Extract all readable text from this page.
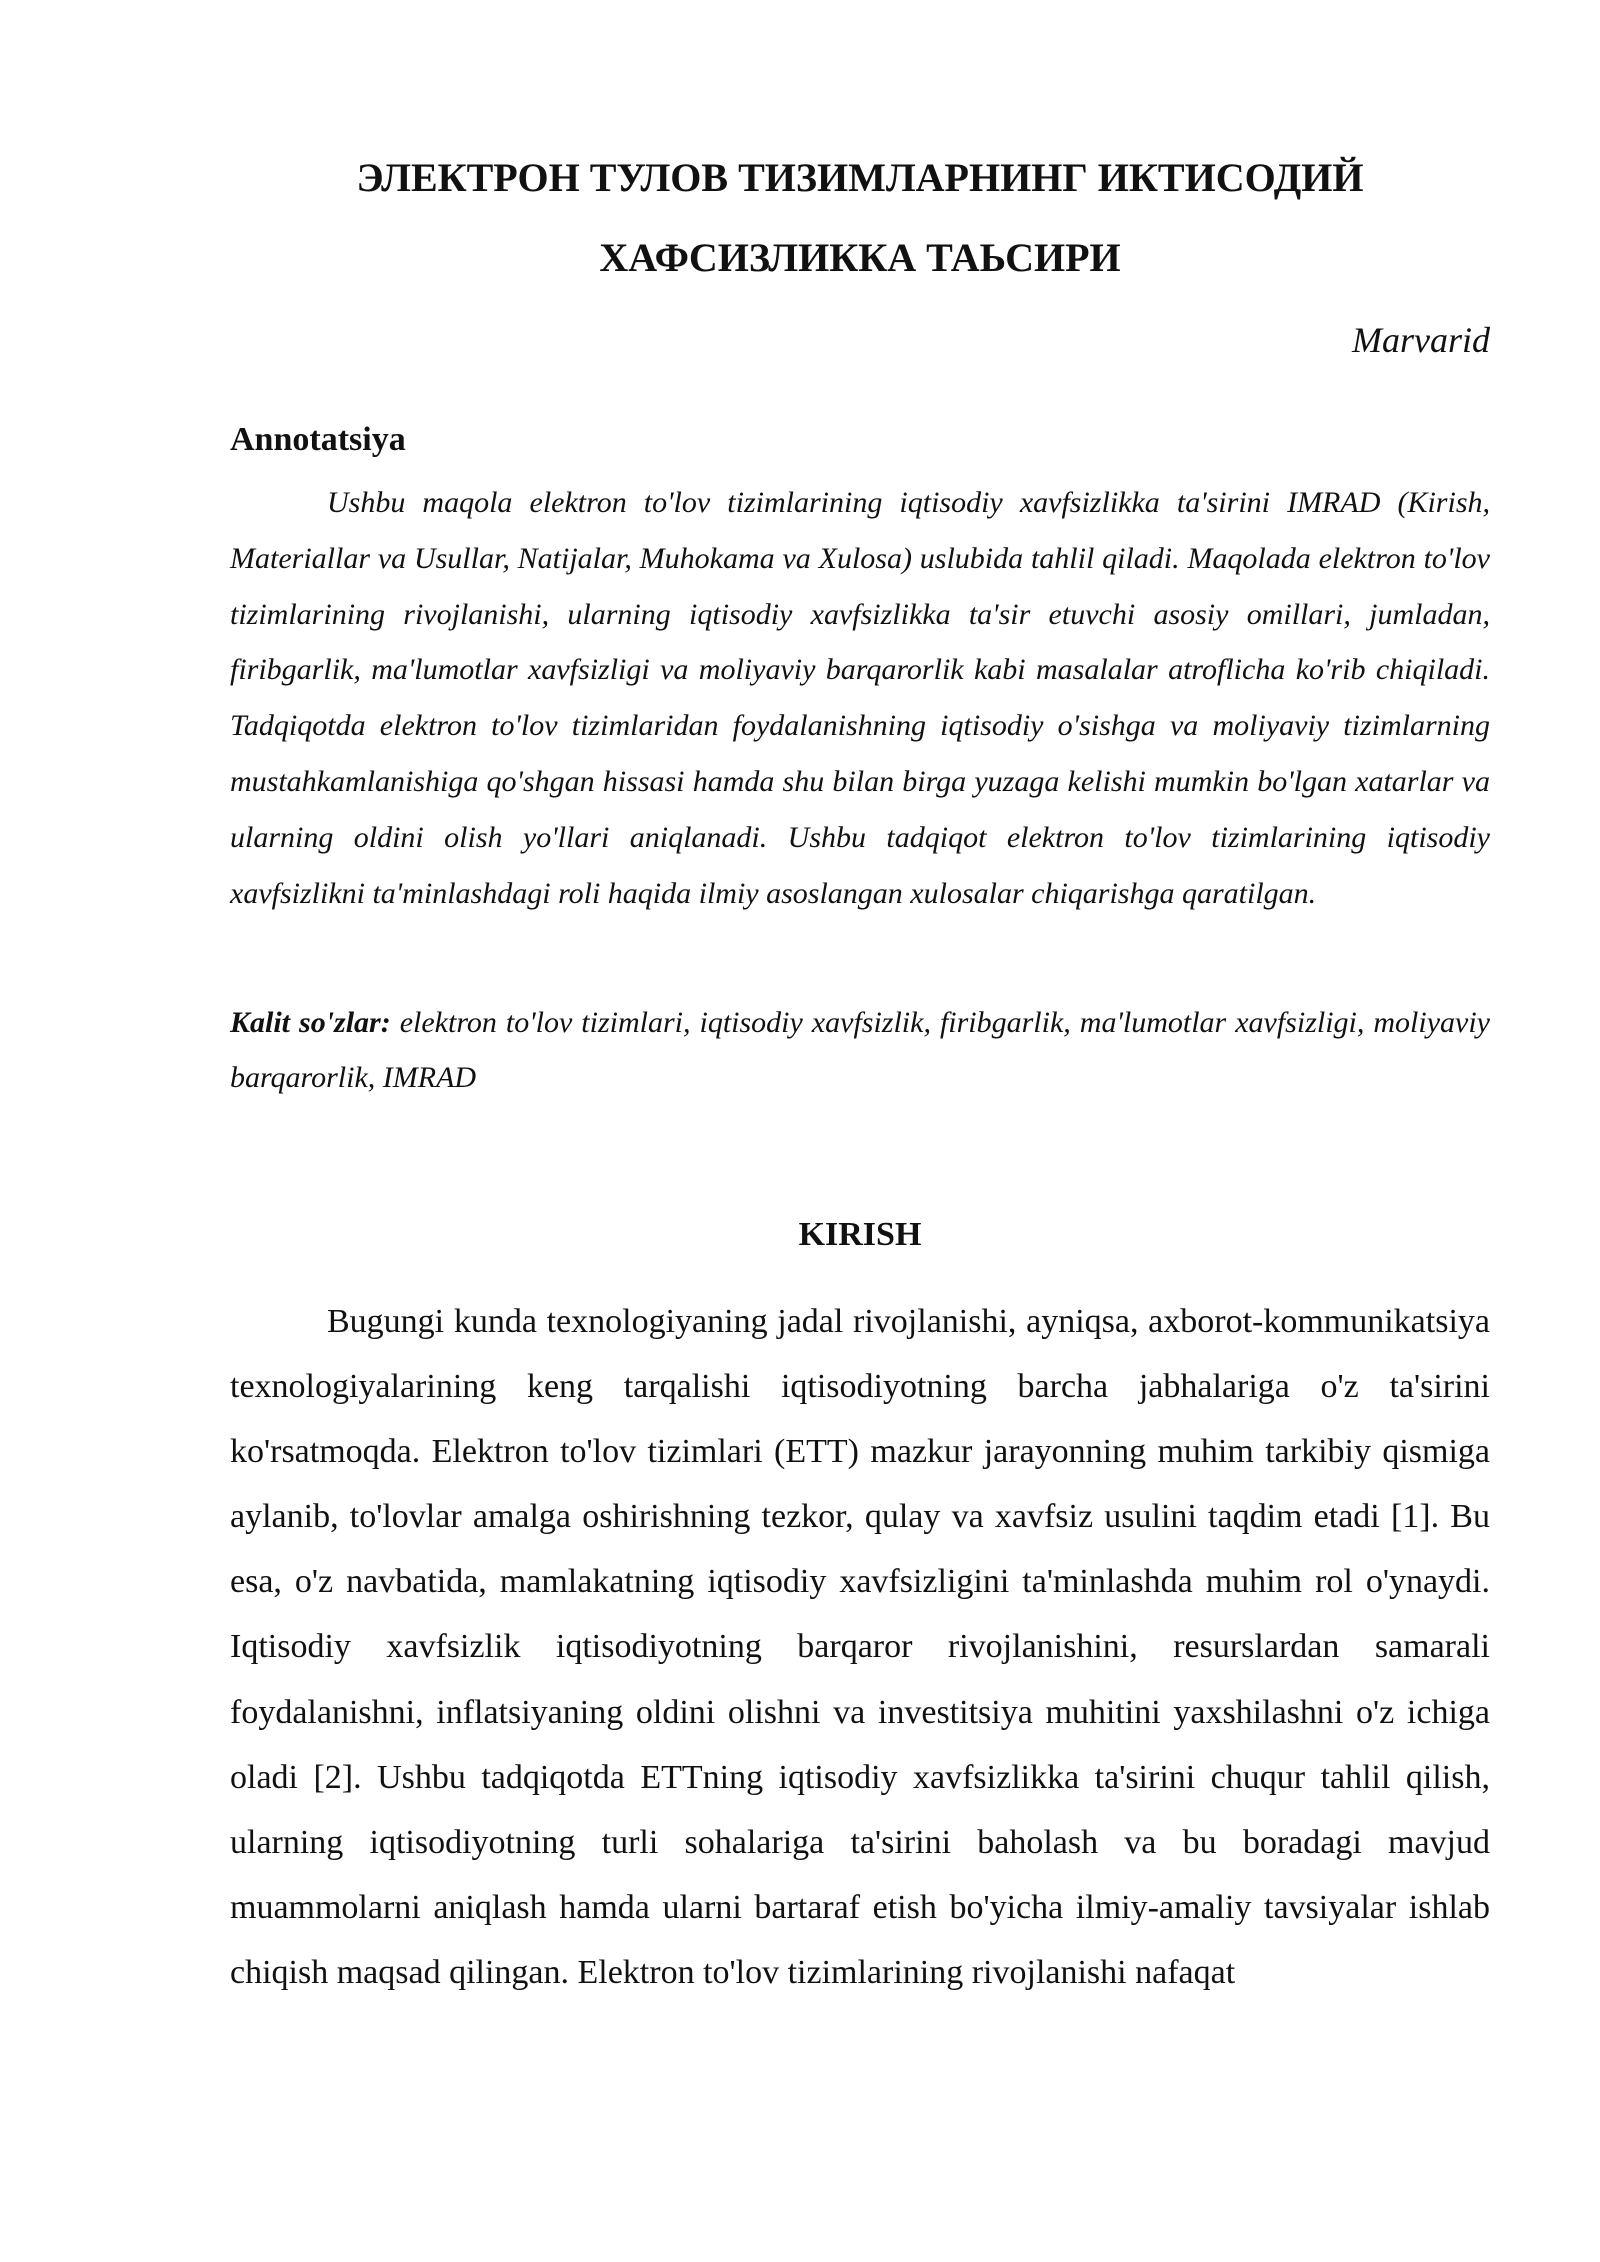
ЭЛЕКТРОН ТУЛОВ ТИЗИМЛАРНИНГ ИКТИСОДИЙ
ХАФСИЗЛИККА ТАЬСИРИ

Marvarid

Annotatsiya

Ushbu maqola elektron to'lov tizimlarining iqtisodiy xavfsizlikka ta'sirini IMRAD (Kirish, Materiallar va Usullar, Natijalar, Muhokama va Xulosa) uslubida tahlil qiladi. Maqolada elektron to'lov tizimlarining rivojlanishi, ularning iqtisodiy xavfsizlikka ta'sir etuvchi asosiy omillari, jumladan, firibgarlik, ma'lumotlar xavfsizligi va moliyaviy barqarorlik kabi masalalar atroflicha ko'rib chiqiladi. Tadqiqotda elektron to'lov tizimlaridan foydalanishning iqtisodiy o'sishga va moliyaviy tizimlarning mustahkamlanishiga qo'shgan hissasi hamda shu bilan birga yuzaga kelishi mumkin bo'lgan xatarlar va ularning oldini olish yo'llari aniqlanadi. Ushbu tadqiqot elektron to'lov tizimlarining iqtisodiy xavfsizlikni ta'minlashdagi roli haqida ilmiy asoslangan xulosalar chiqarishga qaratilgan.

Kalit so'zlar: elektron to'lov tizimlari, iqtisodiy xavfsizlik, firibgarlik, ma'lumotlar xavfsizligi, moliyaviy barqarorlik, IMRAD

KIRISH

Bugungi kunda texnologiyaning jadal rivojlanishi, ayniqsa, axborot-kommunikatsiya texnologiyalarining keng tarqalishi iqtisodiyotning barcha jabhalariga o'z ta'sirini ko'rsatmoqda. Elektron to'lov tizimlari (ETT) mazkur jarayonning muhim tarkibiy qismiga aylanib, to'lovlar amalga oshirishning tezkor, qulay va xavfsiz usulini taqdim etadi [1]. Bu esa, o'z navbatida, mamlakatning iqtisodiy xavfsizligini ta'minlashda muhim rol o'ynaydi. Iqtisodiy xavfsizlik iqtisodiyotning barqaror rivojlanishini, resurslardan samarali foydalanishni, inflatsiyaning oldini olishni va investitsiya muhitini yaxshilashni o'z ichiga oladi [2]. Ushbu tadqiqotda ETTning iqtisodiy xavfsizlikka ta'sirini chuqur tahlil qilish, ularning iqtisodiyotning turli sohalariga ta'sirini baholash va bu boradagi mavjud muammolarni aniqlash hamda ularni bartaraf etish bo'yicha ilmiy-amaliy tavsiyalar ishlab chiqish maqsad qilingan. Elektron to'lov tizimlarining rivojlanishi nafaqat
